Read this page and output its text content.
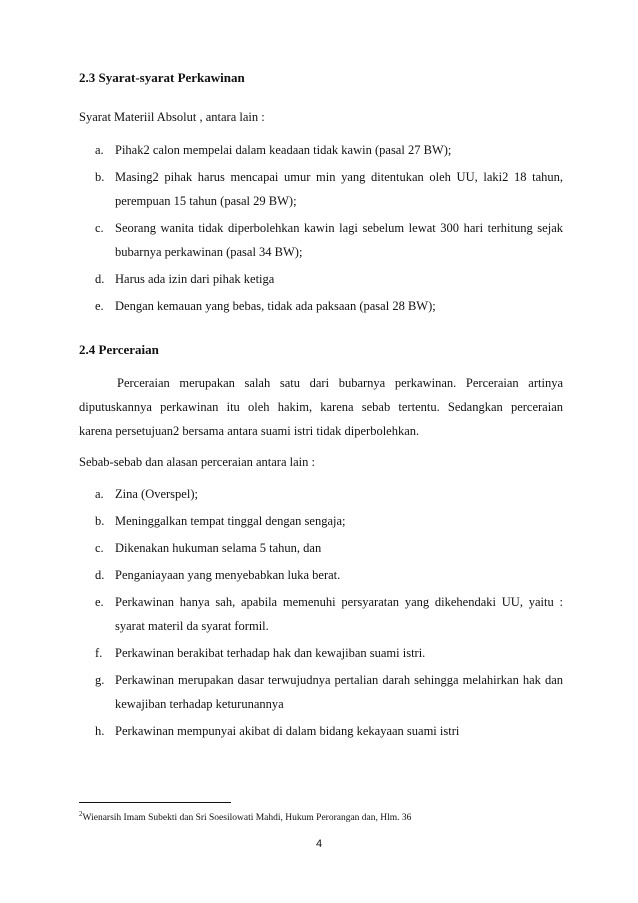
2.3 Syarat-syarat Perkawinan
Syarat Materiil Absolut , antara lain :
a. Pihak2 calon mempelai dalam keadaan tidak kawin (pasal 27 BW);
b. Masing2 pihak harus mencapai umur min yang ditentukan oleh UU, laki2 18 tahun, perempuan 15 tahun (pasal 29 BW);
c. Seorang wanita tidak diperbolehkan kawin lagi sebelum lewat 300 hari terhitung sejak bubarnya perkawinan (pasal 34 BW);
d. Harus ada izin dari pihak ketiga
e. Dengan kemauan yang bebas, tidak ada paksaan (pasal 28 BW);
2.4 Perceraian
Perceraian merupakan salah satu dari bubarnya perkawinan. Perceraian artinya
diputuskannya perkawinan itu oleh hakim, karena sebab tertentu. Sedangkan perceraian
karena persetujuan2 bersama antara suami istri tidak diperbolehkan.
Sebab-sebab dan alasan perceraian antara lain :
a. Zina (Overspel);
b. Meninggalkan tempat tinggal dengan sengaja;
c. Dikenakan hukuman selama 5 tahun, dan
d. Penganiayaan yang menyebabkan luka berat.
e. Perkawinan hanya sah, apabila memenuhi persyaratan yang dikehendaki UU, yaitu : syarat materil da syarat formil.
f. Perkawinan berakibat terhadap hak dan kewajiban suami istri.
g. Perkawinan merupakan dasar terwujudnya pertalian darah sehingga melahirkan hak dan kewajiban terhadap keturunannya
h. Perkawinan mempunyai akibat di dalam bidang kekayaan suami istri
$^2$Wienarsih Imam Subekti dan Sri Soesilowati Mahdi, Hukum Perorangan dan, Hlm. 36
4
